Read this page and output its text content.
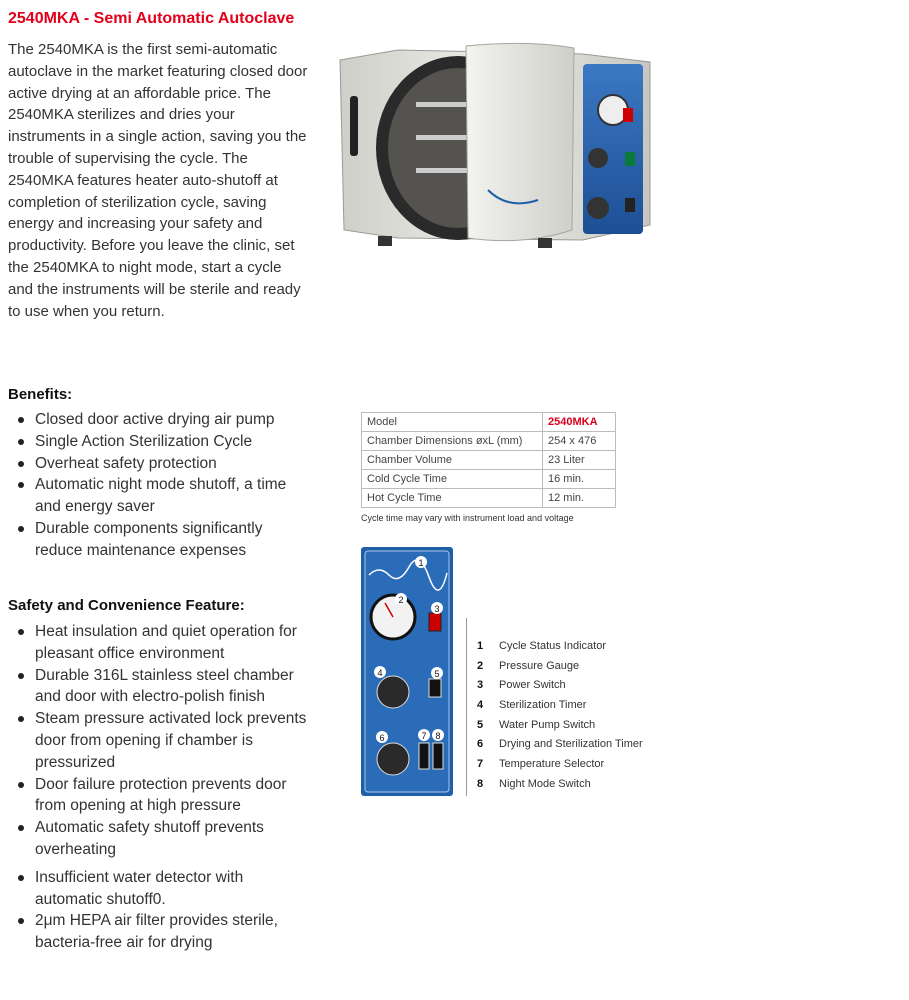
2540MKA - Semi Automatic Autoclave
The 2540MKA is the first semi-automatic autoclave in the market featuring closed door active drying at an affordable price. The 2540MKA sterilizes and dries your instruments in a single action, saving you the trouble of supervising the cycle. The 2540MKA features heater auto-shutoff at completion of sterilization cycle, saving energy and increasing your safety and productivity. Before you leave the clinic, set the 2540MKA to night mode, start a cycle and the instruments will be sterile and ready to use when you return.
Benefits:
Closed door active drying air pump
Single Action Sterilization Cycle
Overheat safety protection
Automatic night mode shutoff, a time and energy saver
Durable components significantly reduce maintenance expenses
Safety and Convenience Feature:
Heat insulation and quiet operation for pleasant office environment
Durable 316L stainless steel chamber and door with electro-polish finish
Steam pressure activated lock prevents door from opening if chamber is pressurized
Door failure protection prevents door from opening at high pressure
Automatic safety shutoff prevents overheating
Insufficient water detector with automatic shutoff0.
2μm HEPA air filter provides sterile, bacteria-free air for drying
Model	2540MKA
Chamber Dimensions øxL (mm)	254 x 476
Chamber Volume	23 Liter
Cold Cycle Time	16 min.
Hot Cycle Time	12 min.
Cycle time may vary with instrument load and voltage
1
2
3
4	5
6	7 8
1 Cycle Status Indicator
2 Pressure Gauge
3 Power Switch
4 Sterilization Timer
5 Water Pump Switch
6 Drying and Sterilization Timer
7 Temperature Selector
8 Night Mode Switch
